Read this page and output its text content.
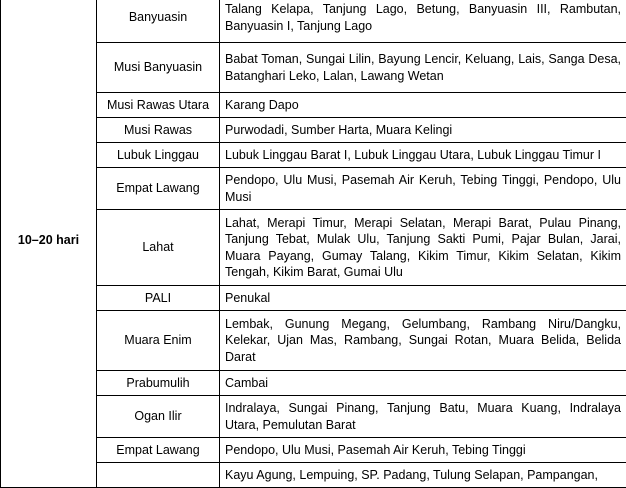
10–20 hari	Banyuasin	Talang Kelapa, Tanjung Lago, Betung, Banyuasin III, Rambutan, Banyuasin I, Tanjung Lago
	Musi Banyuasin	Babat Toman, Sungai Lilin, Bayung Lencir, Keluang, Lais, Sanga Desa, Batanghari Leko, Lalan, Lawang Wetan
	Musi Rawas Utara	Karang Dapo
	Musi Rawas	Purwodadi, Sumber Harta, Muara Kelingi
	Lubuk Linggau	Lubuk Linggau Barat I, Lubuk Linggau Utara, Lubuk Linggau Timur I
	Empat Lawang	Pendopo, Ulu Musi, Pasemah Air Keruh, Tebing Tinggi, Pendopo, Ulu Musi
	Lahat	Lahat, Merapi Timur, Merapi Selatan, Merapi Barat, Pulau Pinang, Tanjung Tebat, Mulak Ulu, Tanjung Sakti Pumi, Pajar Bulan, Jarai, Muara Payang, Gumay Talang, Kikim Timur, Kikim Selatan, Kikim Tengah, Kikim Barat, Gumai Ulu
	PALI	Penukal
	Muara Enim	Lembak, Gunung Megang, Gelumbang, Rambang Niru/Dangku, Kelekar, Ujan Mas, Rambang, Sungai Rotan, Muara Belida, Belida Darat
	Prabumulih	Cambai
	Ogan Ilir	Indralaya, Sungai Pinang, Tanjung Batu, Muara Kuang, Indralaya Utara, Pemulutan Barat
	Empat Lawang	Pendopo, Ulu Musi, Pasemah Air Keruh, Tebing Tinggi
		Kayu Agung, Lempuing, SP. Padang, Tulung Selapan, Pampangan,
